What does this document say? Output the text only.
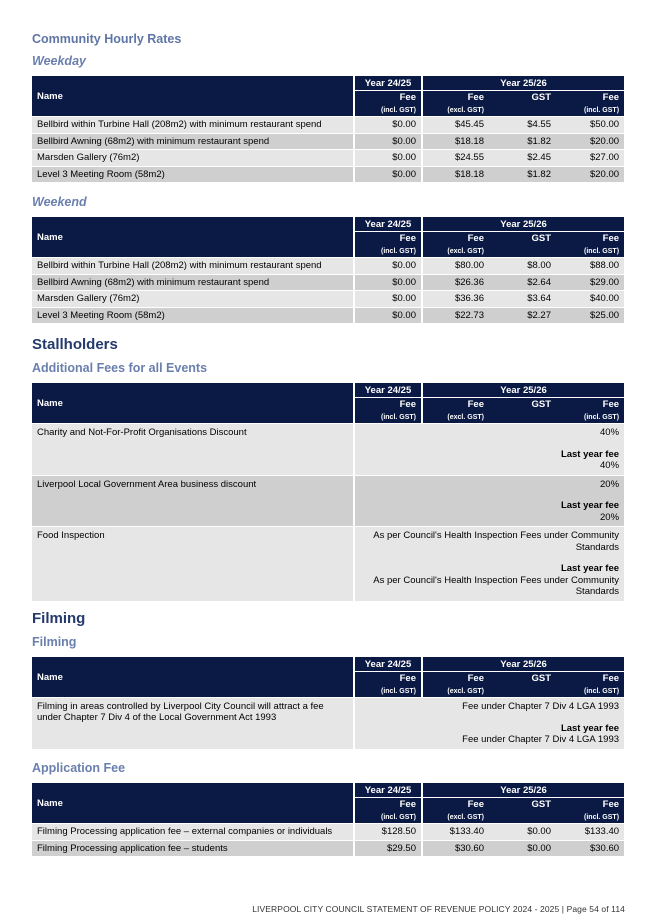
Community Hourly Rates
Weekday
Name	Year 24/25	Year 25/26		
	Fee	Fee	GST	Fee
	(incl. GST)	(excl. GST)		(incl. GST)
Bellbird within Turbine Hall (208m2) with minimum restaurant spend	$0.00	$45.45	$4.55	$50.00
Bellbird Awning (68m2) with minimum restaurant spend	$0.00	$18.18	$1.82	$20.00
Marsden Gallery (76m2)	$0.00	$24.55	$2.45	$27.00
Level 3 Meeting Room (58m2)	$0.00	$18.18	$1.82	$20.00
Weekend
Name	Year 24/25	Year 25/26		
	Fee	Fee	GST	Fee
	(incl. GST)	(excl. GST)		(incl. GST)
Bellbird within Turbine Hall (208m2) with minimum restaurant spend	$0.00	$80.00	$8.00	$88.00
Bellbird Awning (68m2) with minimum restaurant spend	$0.00	$26.36	$2.64	$29.00
Marsden Gallery (76m2)	$0.00	$36.36	$3.64	$40.00
Level 3 Meeting Room (58m2)	$0.00	$22.73	$2.27	$25.00
Stallholders
Additional Fees for all Events
Name	Year 24/25	Year 25/26		
	Fee	Fee	GST	Fee
	(incl. GST)	(excl. GST)		(incl. GST)
Charity and Not-For-Profit Organisations Discount	40%
Last year fee
40%			

Liverpool Local Government Area business discount	20%
Last year fee
20%			

Food Inspection	As per Council's Health Inspection Fees under Community Standards
Last year fee
As per Council's Health Inspection Fees under Community Standards			
Filming
Filming
Name	Year 24/25	Year 25/26		
	Fee	Fee	GST	Fee
	(incl. GST)	(excl. GST)		(incl. GST)
Filming in areas controlled by Liverpool City Council will attract a fee under Chapter 7 Div 4 of the Local Government Act 1993	Fee under Chapter 7 Div 4 LGA 1993
Last year fee
Fee under Chapter 7 Div 4 LGA 1993			
Application Fee
Name	Year 24/25	Year 25/26		
	Fee	Fee	GST	Fee
	(incl. GST)	(excl. GST)		(incl. GST)
Filming Processing application fee – external companies or individuals	$128.50	$133.40	$0.00	$133.40
Filming Processing application fee – students	$29.50	$30.60	$0.00	$30.60
LIVERPOOL CITY COUNCIL STATEMENT OF REVENUE POLICY 2024 - 2025 | Page 54 of 114
